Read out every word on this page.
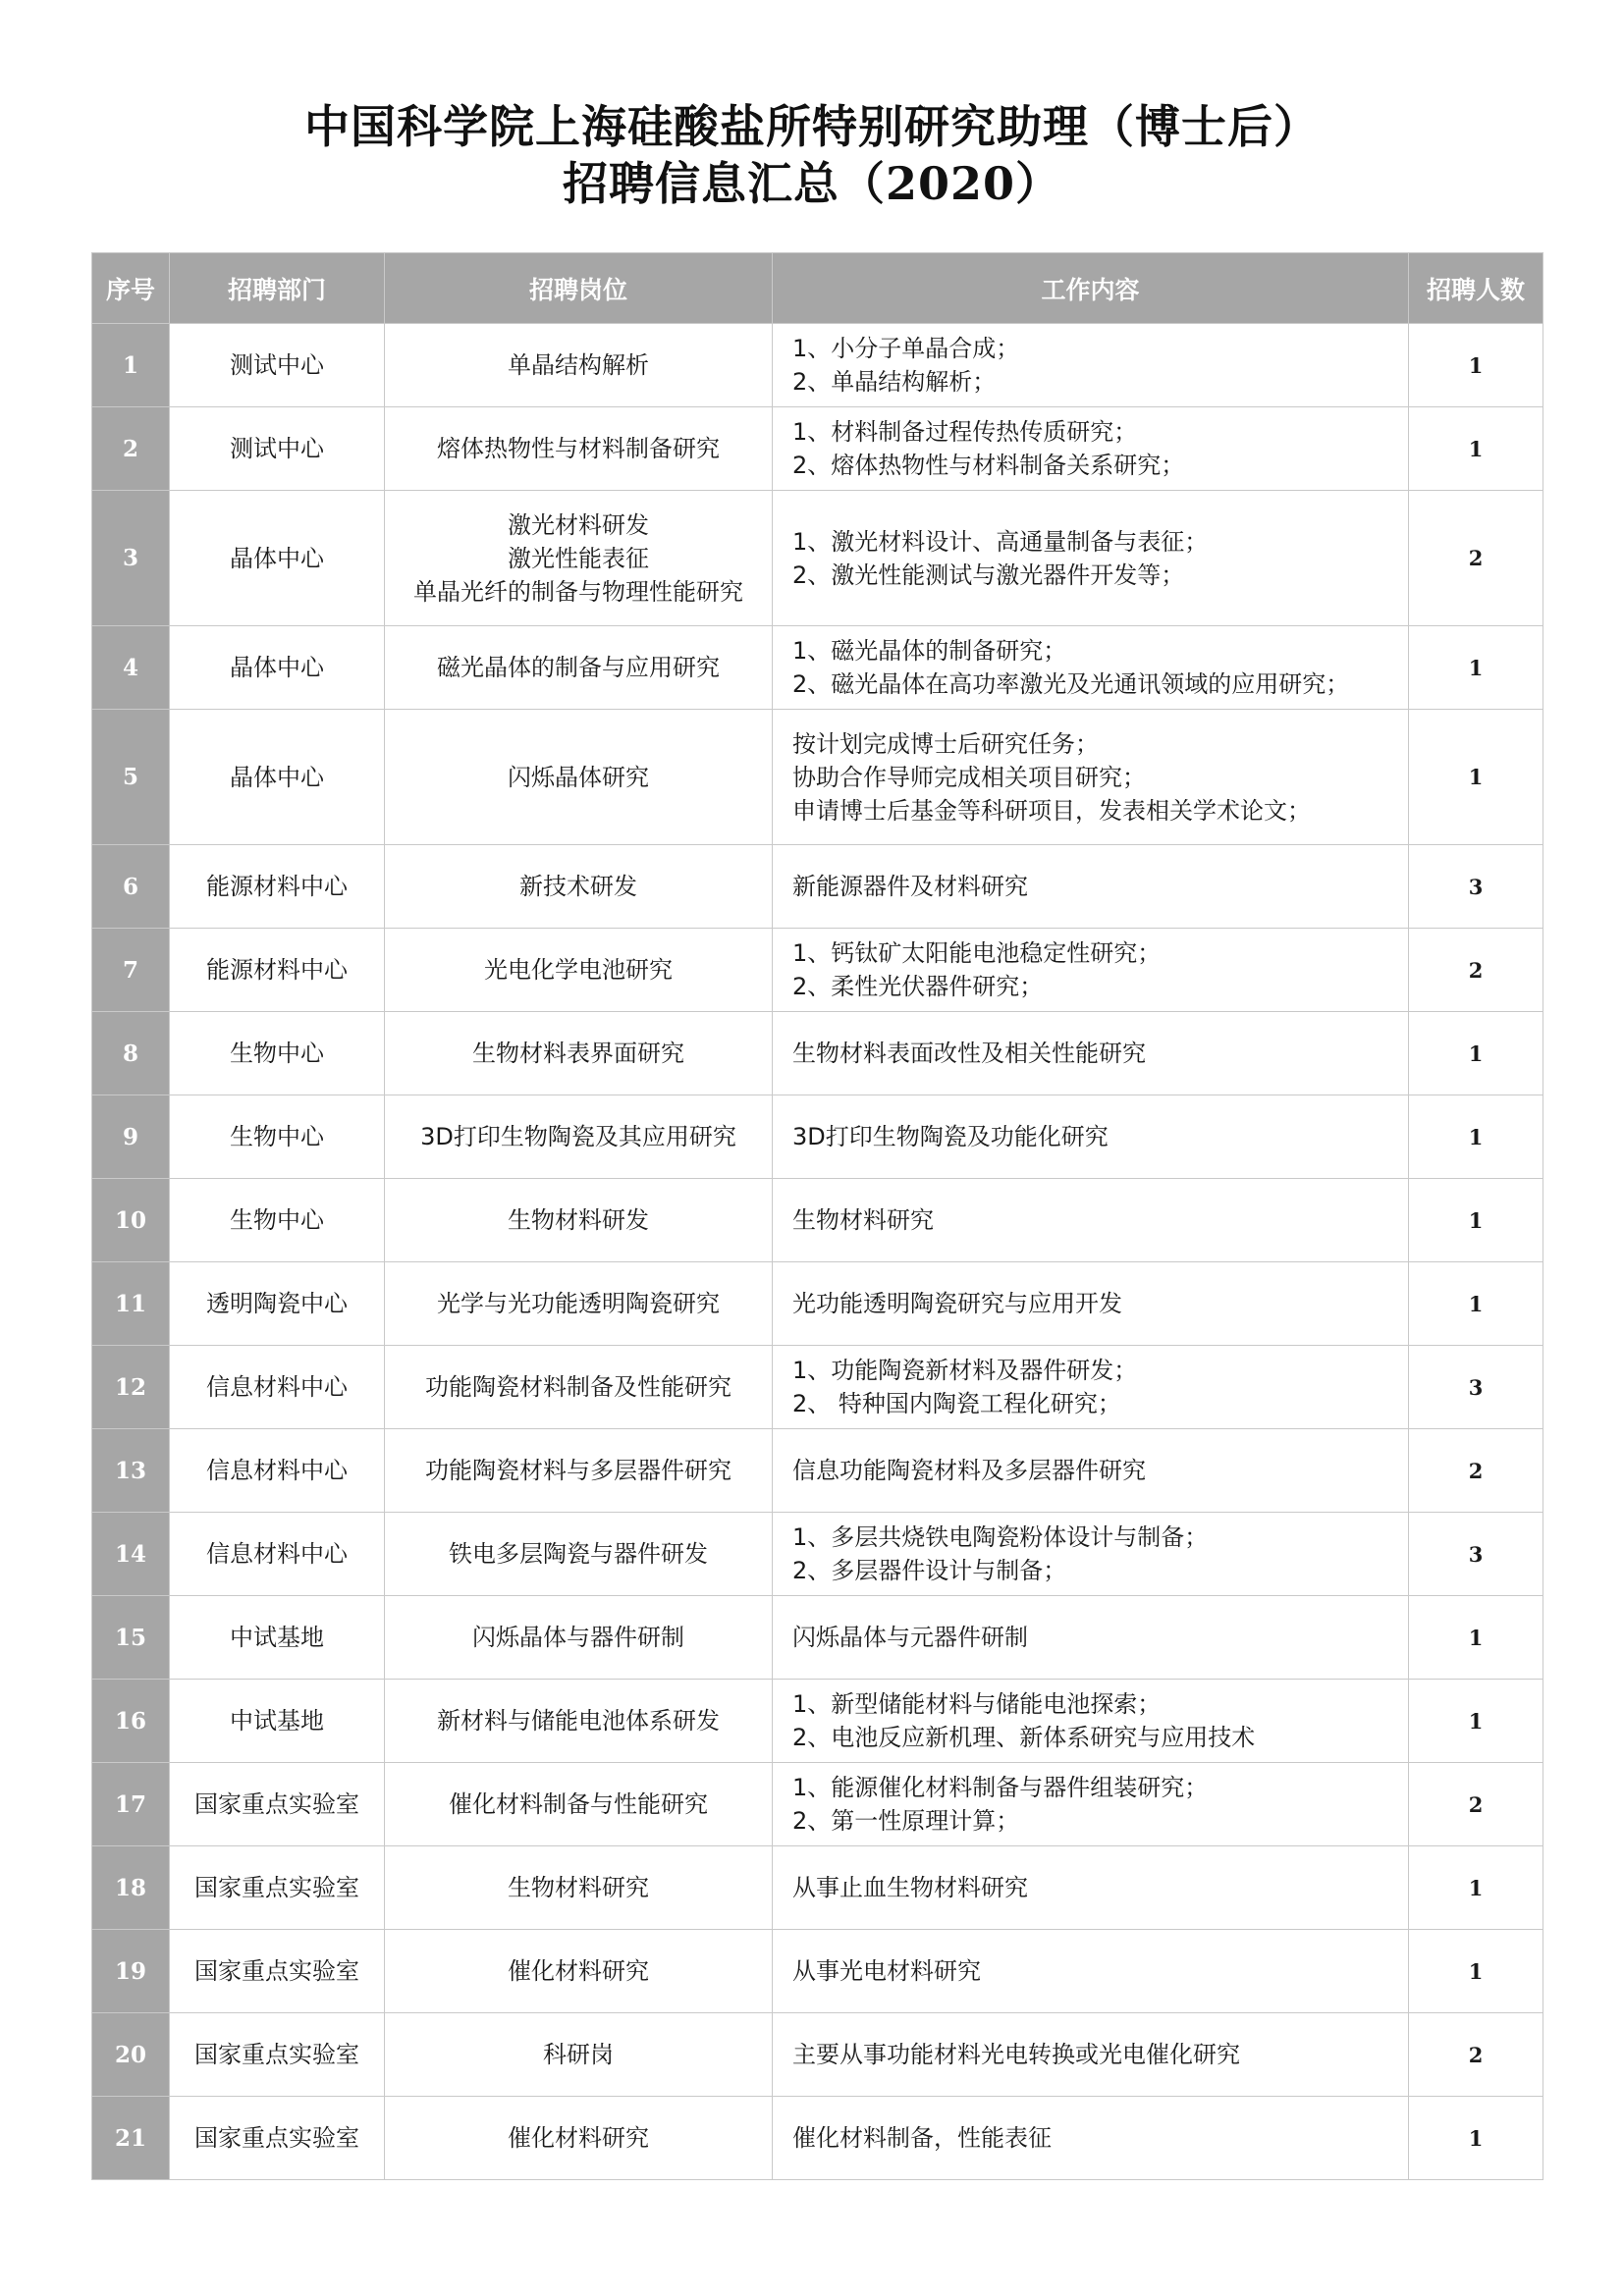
中国科学院上海硅酸盐所特别研究助理（博士后）
招聘信息汇总（2020）
序号	招聘部门	招聘岗位	工作内容	招聘人数
1	测试中心	单晶结构解析	1、小分子单晶合成；
2、单晶结构解析；	1
2	测试中心	熔体热物性与材料制备研究	1、材料制备过程传热传质研究；
2、熔体热物性与材料制备关系研究；	1
3	晶体中心	激光材料研发
激光性能表征
单晶光纤的制备与物理性能研究	1、激光材料设计、高通量制备与表征；
2、激光性能测试与激光器件开发等；	2
4	晶体中心	磁光晶体的制备与应用研究	1、磁光晶体的制备研究；
2、磁光晶体在高功率激光及光通讯领域的应用研究；	1
5	晶体中心	闪烁晶体研究	按计划完成博士后研究任务；
协助合作导师完成相关项目研究；
申请博士后基金等科研项目，发表相关学术论文；	1
6	能源材料中心	新技术研发	新能源器件及材料研究	3
7	能源材料中心	光电化学电池研究	1、钙钛矿太阳能电池稳定性研究；
2、柔性光伏器件研究；	2
8	生物中心	生物材料表界面研究	生物材料表面改性及相关性能研究	1
9	生物中心	3D打印生物陶瓷及其应用研究	3D打印生物陶瓷及功能化研究	1
10	生物中心	生物材料研发	生物材料研究	1
11	透明陶瓷中心	光学与光功能透明陶瓷研究	光功能透明陶瓷研究与应用开发	1
12	信息材料中心	功能陶瓷材料制备及性能研究	1、功能陶瓷新材料及器件研发；
2、 特种国内陶瓷工程化研究；	3
13	信息材料中心	功能陶瓷材料与多层器件研究	信息功能陶瓷材料及多层器件研究	2
14	信息材料中心	铁电多层陶瓷与器件研发	1、多层共烧铁电陶瓷粉体设计与制备；
2、多层器件设计与制备；	3
15	中试基地	闪烁晶体与器件研制	闪烁晶体与元器件研制	1
16	中试基地	新材料与储能电池体系研发	1、新型储能材料与储能电池探索；
2、电池反应新机理、新体系研究与应用技术	1
17	国家重点实验室	催化材料制备与性能研究	1、能源催化材料制备与器件组装研究；
2、第一性原理计算；	2
18	国家重点实验室	生物材料研究	从事止血生物材料研究	1
19	国家重点实验室	催化材料研究	从事光电材料研究	1
20	国家重点实验室	科研岗	主要从事功能材料光电转换或光电催化研究	2
21	国家重点实验室	催化材料研究	催化材料制备，性能表征	1
